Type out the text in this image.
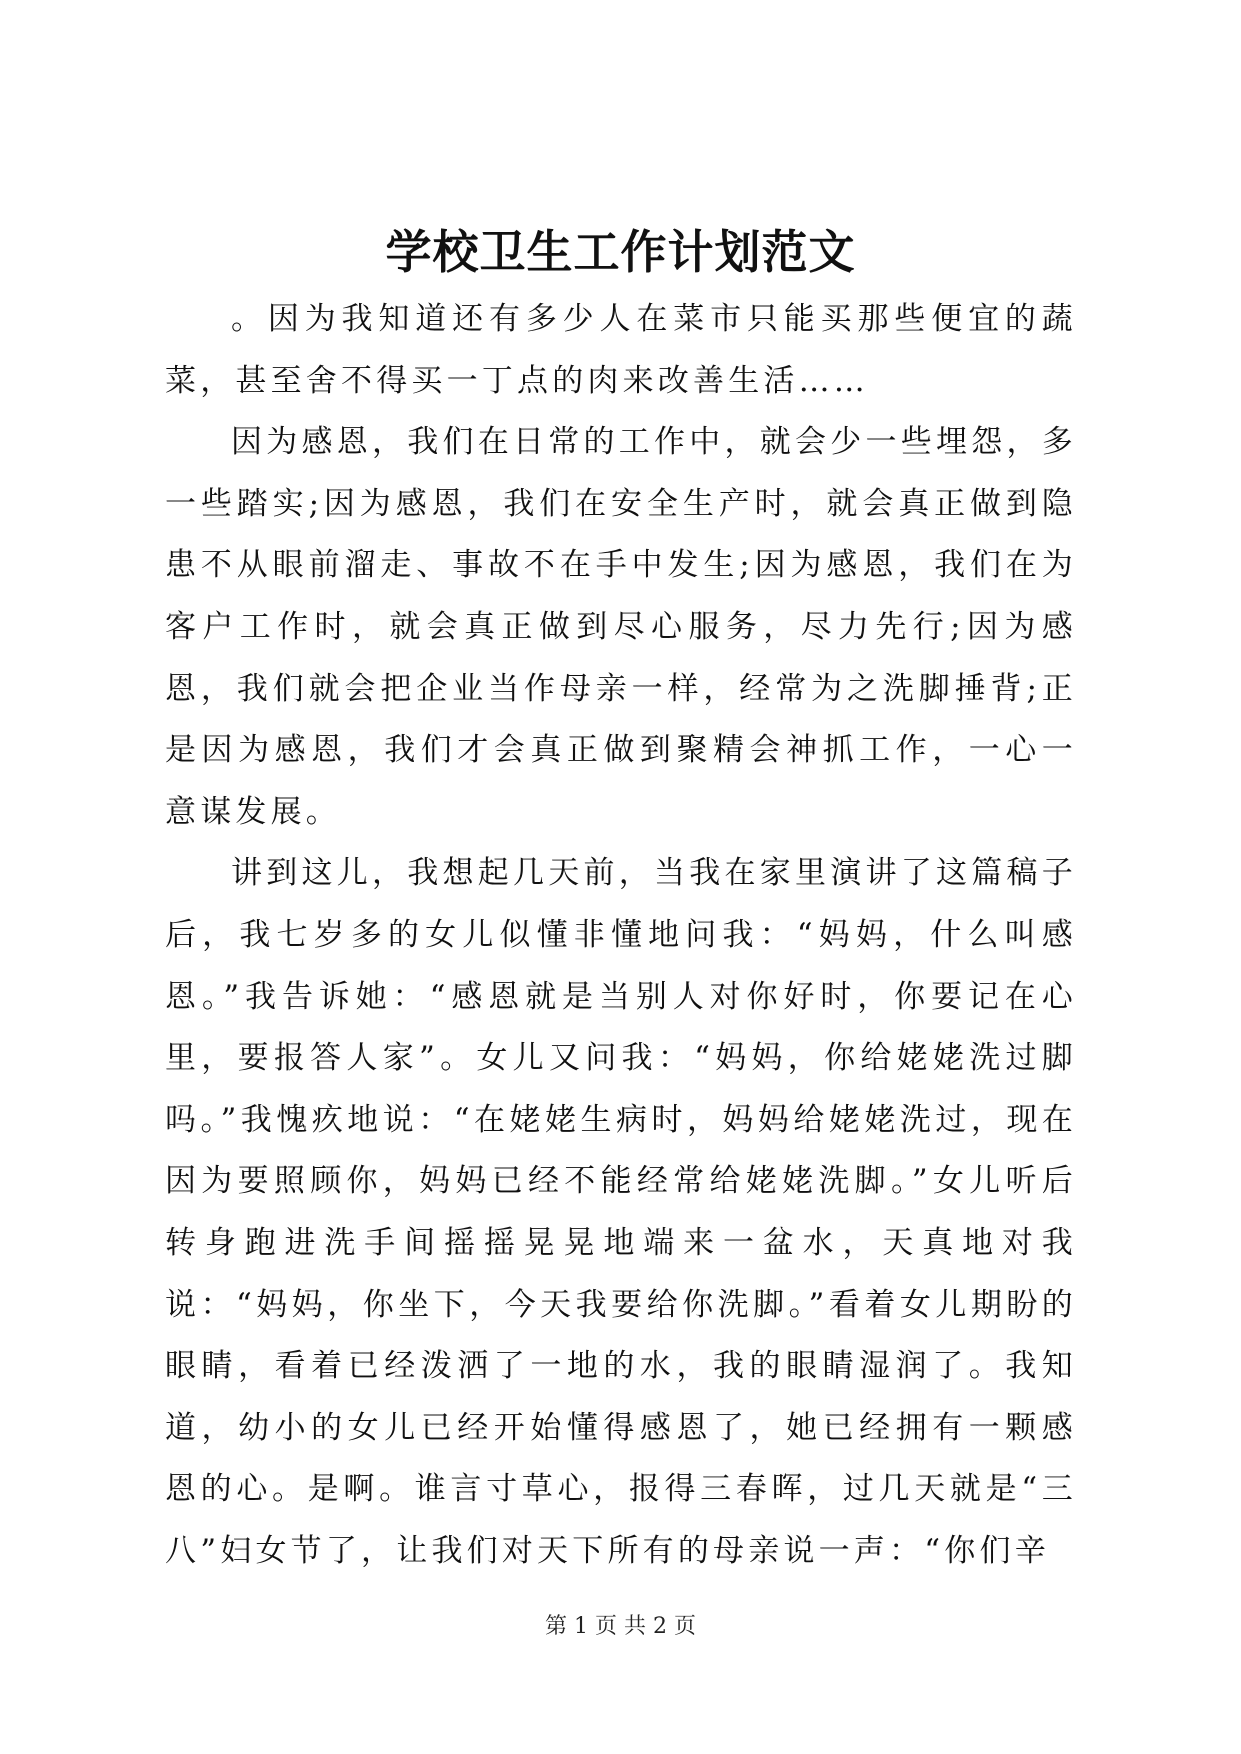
学校卫生工作计划范文

。因为我知道还有多少人在菜市只能买那些便宜的蔬菜，甚至舍不得买一丁点的肉来改善生活……

因为感恩，我们在日常的工作中，就会少一些埋怨，多一些踏实;因为感恩，我们在安全生产时，就会真正做到隐患不从眼前溜走、事故不在手中发生;因为感恩，我们在为客户工作时，就会真正做到尽心服务，尽力先行;因为感恩，我们就会把企业当作母亲一样，经常为之洗脚捶背;正是因为感恩，我们才会真正做到聚精会神抓工作，一心一意谋发展。

讲到这儿，我想起几天前，当我在家里演讲了这篇稿子后，我七岁多的女儿似懂非懂地问我：“妈妈，什么叫感恩。”我告诉她：“感恩就是当别人对你好时，你要记在心里，要报答人家”。女儿又问我：“妈妈，你给姥姥洗过脚吗。”我愧疚地说：“在姥姥生病时，妈妈给姥姥洗过，现在因为要照顾你，妈妈已经不能经常给姥姥洗脚。”女儿听后转身跑进洗手间摇摇晃晃地端来一盆水，天真地对我说：“妈妈，你坐下，今天我要给你洗脚。”看着女儿期盼的眼睛，看着已经泼洒了一地的水，我的眼睛湿润了。我知道，幼小的女儿已经开始懂得感恩了，她已经拥有一颗感恩的心。是啊。谁言寸草心，报得三春晖，过几天就是“三八”妇女节了，让我们对天下所有的母亲说一声：“你们辛

第 1 页 共 2 页
